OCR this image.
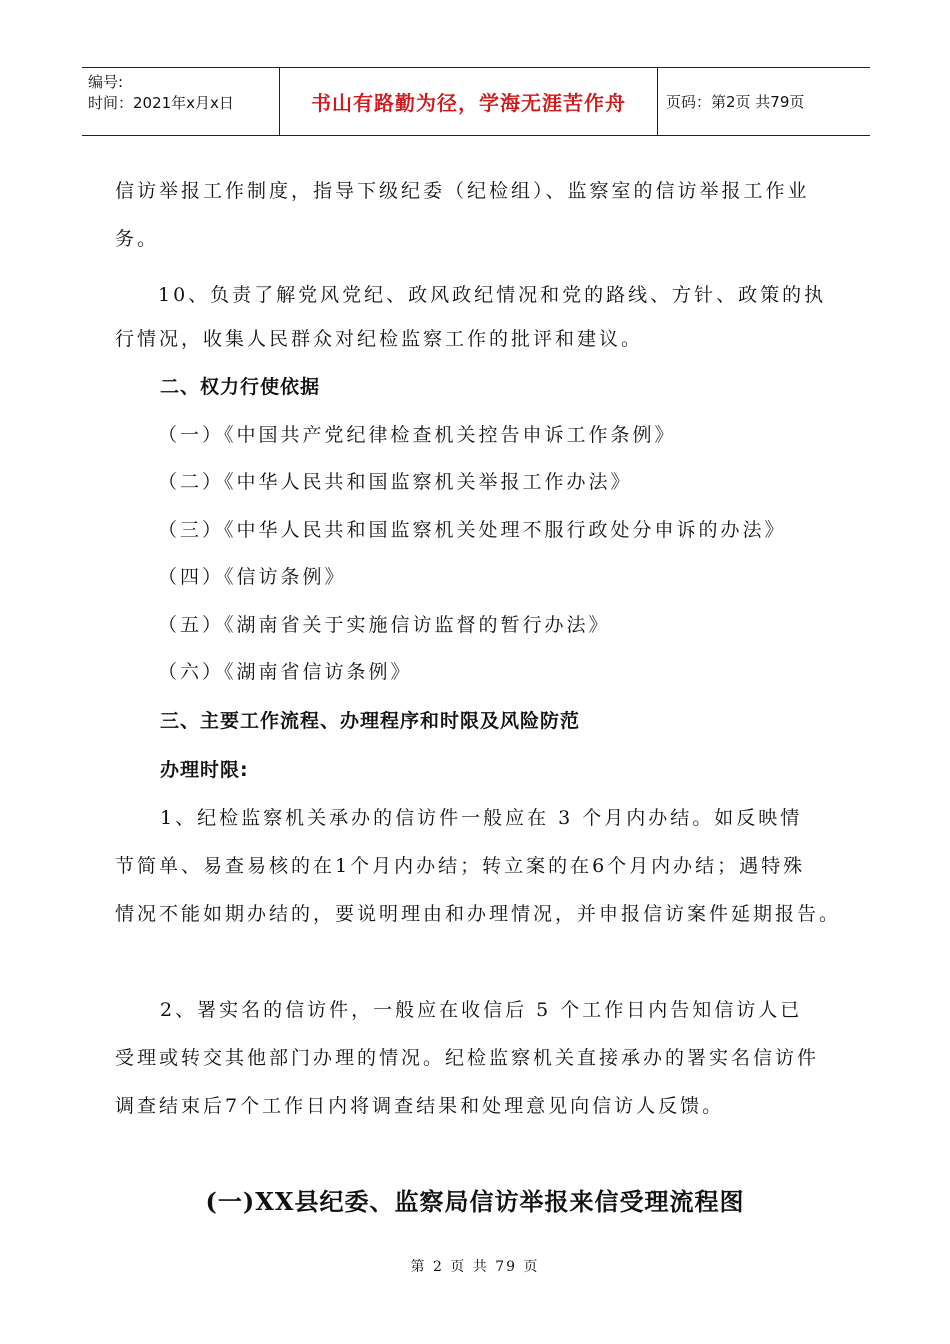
编号:
时间：2021年x月x日	书山有路勤为径，学海无涯苦作舟	页码：第2页 共79页

信访举报工作制度，指导下级纪委（纪检组）、监察室的信访举报工作业

务。

10、负责了解党风党纪、政风政纪情况和党的路线、方针、政策的执

行情况，收集人民群众对纪检监察工作的批评和建议。

二、权力行使依据

（一）《中国共产党纪律检查机关控告申诉工作条例》

（二）《中华人民共和国监察机关举报工作办法》

（三）《中华人民共和国监察机关处理不服行政处分申诉的办法》

（四）《信访条例》

（五）《湖南省关于实施信访监督的暂行办法》

（六）《湖南省信访条例》

三、主要工作流程、办理程序和时限及风险防范

办理时限:

1、纪检监察机关承办的信访件一般应在 3 个月内办结。如反映情

节简单、易查易核的在1个月内办结；转立案的在6个月内办结；遇特殊

情况不能如期办结的，要说明理由和办理情况，并申报信访案件延期报告。

2、署实名的信访件，一般应在收信后 5 个工作日内告知信访人已

受理或转交其他部门办理的情况。纪检监察机关直接承办的署实名信访件

调查结束后7个工作日内将调查结果和处理意见向信访人反馈。

(一)XX县纪委、监察局信访举报来信受理流程图
第 2 页 共 79 页
